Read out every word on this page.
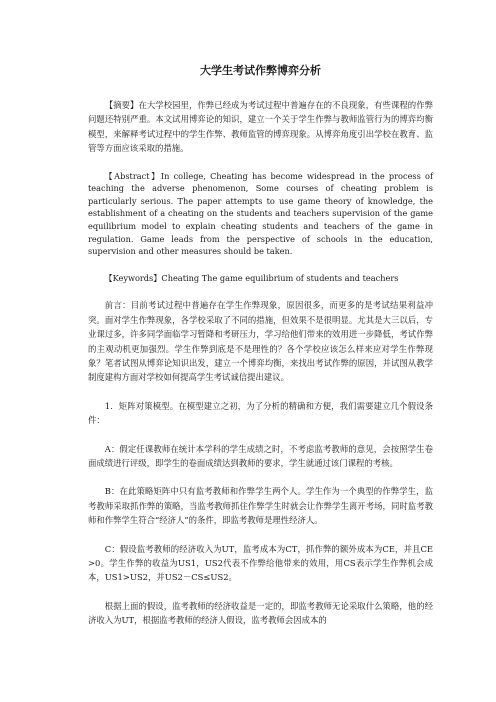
大学生考试作弊博弈分析

【摘要】在大学校园里，作弊已经成为考试过程中普遍存在的不良现象，有些课程的作弊问题还特别严重。本文试用博弈论的知识，建立一个关于学生作弊与教师监管行为的博弈均衡模型，来解释考试过程中的学生作弊、教师监管的博弈现象。从博弈角度引出学校在教育、监管等方面应该采取的措施。

【Abstract】In college, Cheating has become widespread in the process of teaching the adverse phenomenon, Some courses of cheating problem is particularly serious. The paper attempts to use game theory of knowledge, the establishment of a cheating on the students and teachers supervision of the game equilibrium model to explain cheating students and teachers of the game in regulation. Game leads from the perspective of schools in the education, supervision and other measures should be taken.

【Keywords】Cheating The game equilibrium of students and teachers

前言：目前考试过程中普遍存在学生作弊现象，原因很多，而更多的是考试结果利益冲突。面对学生作弊现象，各学校采取了不同的措施，但效果不是很明显。尤其是大三以后，专业课过多，许多同学面临学习暂降和考研压力，学习给他们带来的效用进一步降低，考试作弊的主观动机更加强烈。学生作弊到底是不是理性的？各个学校应该怎么样来应对学生作弊现象？笔者试图从博弈论知识出发，建立一个博弈均衡，来找出考试作弊的原因，并试图从教学制度建构方面对学校如何提高学生考试诚信提出建议。

1．矩阵对策模型。在模型建立之初，为了分析的精确和方便，我们需要建立几个假设条件：

A：假定任课教师在统计本学科的学生成绩之时，不考虑监考教师的意见，会按照学生卷面成绩进行评级，即学生的卷面成绩达到教师的要求，学生就通过该门课程的考核。

B：在此策略矩阵中只有监考教师和作弊学生两个人。学生作为一个典型的作弊学生，监考教师采取抓作弊的策略，当监考教师抓住作弊学生时就会让作弊学生离开考场，同时监考教师和作弊学生符合“经济人”的条件，即监考教师是理性经济人。

C：假设监考教师的经济收入为UT，监考成本为CT，抓作弊的额外成本为CE，并且CE>0。学生作弊的收益为US1，US2代表不作弊给他带来的效用，用CS表示学生作弊机会成本，US1>US2，并US2－CS≤US2。

根据上面的假设，监考教师的经济收益是一定的，即监考教师无论采取什么策略，他的经济收入为UT，根据监考教师的经济人假设，监考教师会因成本的
